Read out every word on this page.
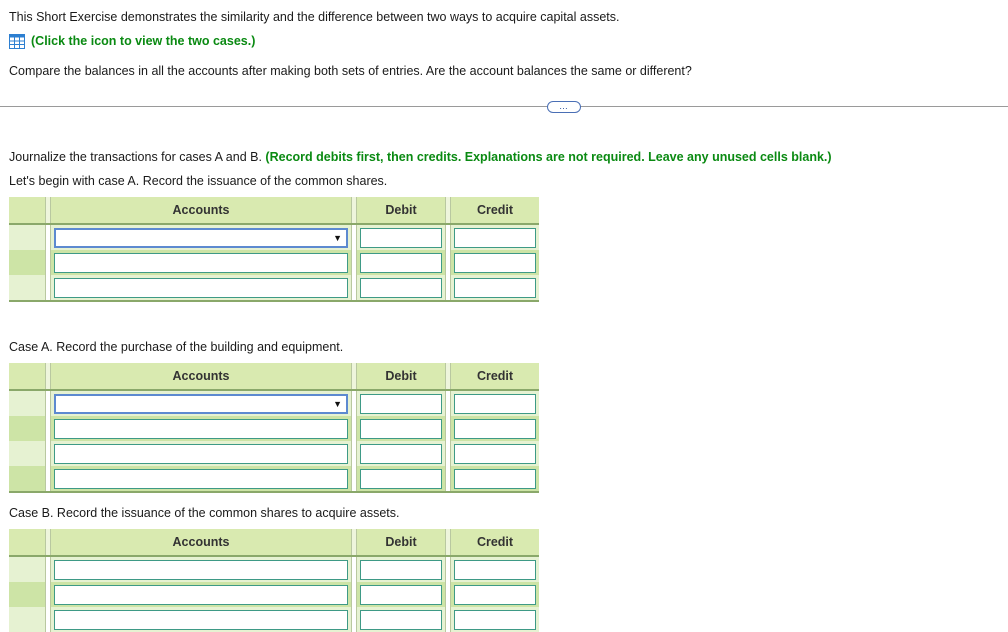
This Short Exercise demonstrates the similarity and the difference between two ways to acquire capital assets.
(Click the icon to view the two cases.)
Compare the balances in all the accounts after making both sets of entries. Are the account balances the same or different?
…
Journalize the transactions for cases A and B. (Record debits first, then credits. Explanations are not required. Leave any unused cells blank.)
Let's begin with case A. Record the issuance of the common shares.
		Accounts		Debit		Credit

		▼				

Case A. Record the purchase of the building and equipment.
		Accounts		Debit		Credit

		▼				

Case B. Record the issuance of the common shares to acquire assets.
		Accounts		Debit		Credit
